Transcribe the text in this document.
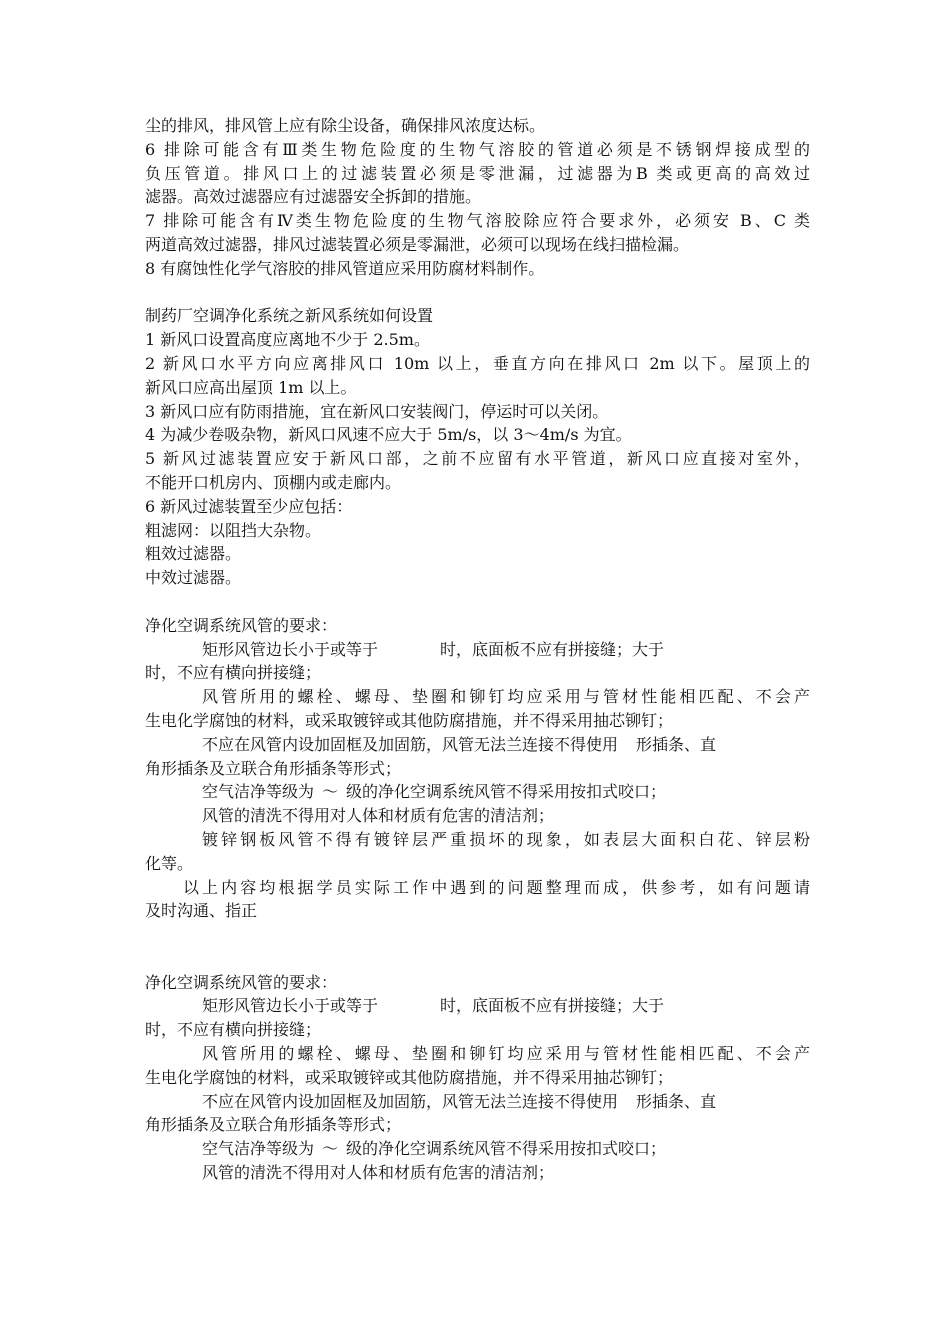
尘的排风，排风管上应有除尘设备，确保排风浓度达标。
6 排除可能含有Ⅲ类生物危险度的生物气溶胶的管道必须是不锈钢焊接成型的
负压管道。排风口上的过滤装置必须是零泄漏，过滤器为B 类或更高的高效过
滤器。高效过滤器应有过滤器安全拆卸的措施。
7 排除可能含有Ⅳ类生物危险度的生物气溶胶除应符合要求外，必须安 B、C 类
两道高效过滤器，排风过滤装置必须是零漏泄，必须可以现场在线扫描检漏。
8 有腐蚀性化学气溶胶的排风管道应采用防腐材料制作。
制药厂空调净化系统之新风系统如何设置
1 新风口设置高度应离地不少于 2.5m。
2 新风口水平方向应离排风口 10m 以上，垂直方向在排风口 2m 以下。屋顶上的
新风口应高出屋顶 1m 以上。
3 新风口应有防雨措施，宜在新风口安装阀门，停运时可以关闭。
4 为减少卷吸杂物，新风口风速不应大于 5m/s，以 3～4m/s 为宜。
5 新风过滤装置应安于新风口部，之前不应留有水平管道，新风口应直接对室外，
不能开口机房内、顶棚内或走廊内。
6 新风过滤装置至少应包括：
粗滤网：以阻挡大杂物。
粗效过滤器。
中效过滤器。
净化空调系统风管的要求：
矩形风管边长小于或等于	时，底面板不应有拼接缝；大于
时，不应有横向拼接缝；
风管所用的螺栓、螺母、垫圈和铆钉均应采用与管材性能相匹配、不会产
生电化学腐蚀的材料，或采取镀锌或其他防腐措施，并不得采用抽芯铆钉；
不应在风管内设加固框及加固筋，风管无法兰连接不得使用 形插条、直
角形插条及立联合角形插条等形式；
空气洁净等级为 ～ 级的净化空调系统风管不得采用按扣式咬口；
风管的清洗不得用对人体和材质有危害的清洁剂；
镀锌钢板风管不得有镀锌层严重损坏的现象，如表层大面积白花、锌层粉
化等。
以上内容均根据学员实际工作中遇到的问题整理而成，供参考，如有问题请
及时沟通、指正
净化空调系统风管的要求：
矩形风管边长小于或等于	时，底面板不应有拼接缝；大于
时，不应有横向拼接缝；
风管所用的螺栓、螺母、垫圈和铆钉均应采用与管材性能相匹配、不会产
生电化学腐蚀的材料，或采取镀锌或其他防腐措施，并不得采用抽芯铆钉；
不应在风管内设加固框及加固筋，风管无法兰连接不得使用 形插条、直
角形插条及立联合角形插条等形式；
空气洁净等级为 ～ 级的净化空调系统风管不得采用按扣式咬口；
风管的清洗不得用对人体和材质有危害的清洁剂；
